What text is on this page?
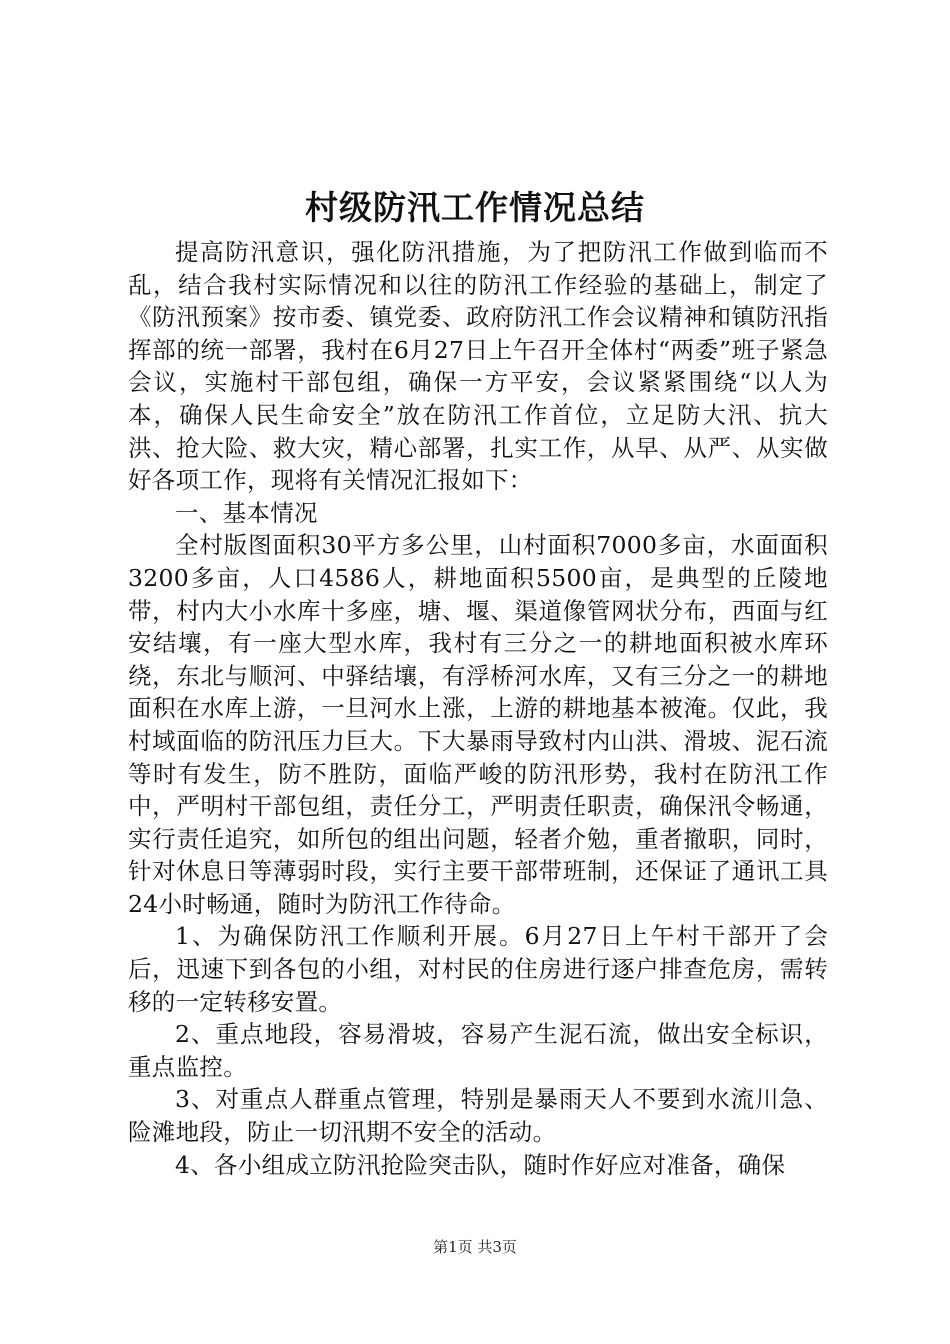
村级防汛工作情况总结

提高防汛意识，强化防汛措施，为了把防汛工作做到临而不乱，结合我村实际情况和以往的防汛工作经验的基础上，制定了《防汛预案》按市委、镇党委、政府防汛工作会议精神和镇防汛指挥部的统一部署，我村在6月27日上午召开全体村“两委”班子紧急会议，实施村干部包组，确保一方平安，会议紧紧围绕“以人为本，确保人民生命安全”放在防汛工作首位，立足防大汛、抗大洪、抢大险、救大灾，精心部署，扎实工作，从早、从严、从实做好各项工作，现将有关情况汇报如下：

一、基本情况

全村版图面积30平方多公里，山村面积7000多亩，水面面积3200多亩，人口4586人，耕地面积5500亩，是典型的丘陵地带，村内大小水库十多座，塘、堰、渠道像管网状分布，西面与红安结壤，有一座大型水库，我村有三分之一的耕地面积被水库环绕，东北与顺河、中驿结壤，有浮桥河水库，又有三分之一的耕地面积在水库上游，一旦河水上涨，上游的耕地基本被淹。仅此，我村域面临的防汛压力巨大。下大暴雨导致村内山洪、滑坡、泥石流等时有发生，防不胜防，面临严峻的防汛形势，我村在防汛工作中，严明村干部包组，责任分工，严明责任职责，确保汛令畅通，实行责任追究，如所包的组出问题，轻者介勉，重者撤职，同时，针对休息日等薄弱时段，实行主要干部带班制，还保证了通讯工具24小时畅通，随时为防汛工作待命。

1、为确保防汛工作顺利开展。6月27日上午村干部开了会后，迅速下到各包的小组，对村民的住房进行逐户排查危房，需转移的一定转移安置。

2、重点地段，容易滑坡，容易产生泥石流，做出安全标识，重点监控。

3、对重点人群重点管理，特别是暴雨天人不要到水流川急、险滩地段，防止一切汛期不安全的活动。

4、各小组成立防汛抢险突击队，随时作好应对准备，确保

第1页 共3页
